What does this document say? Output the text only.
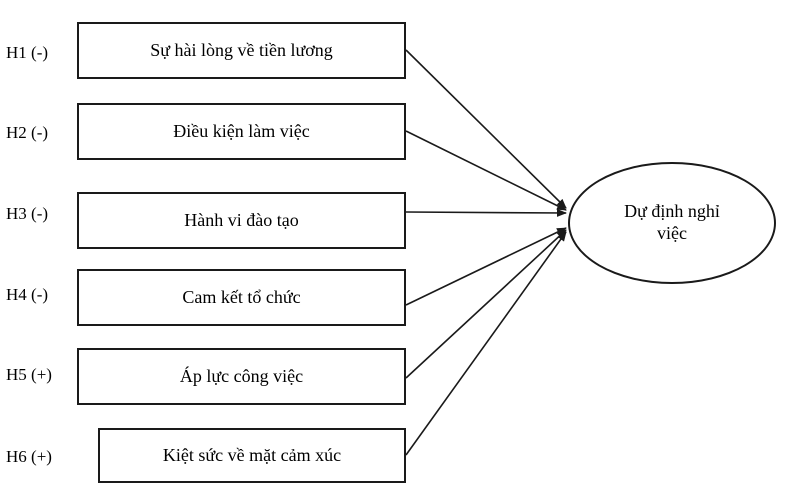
H1 (-)
H2 (-)
H3 (-)
H4 (-)
H5 (+)
H6 (+)
Sự hài lòng về tiền lương
Điều kiện làm việc
Hành vi đào tạo
Cam kết tổ chức
Áp lực công việc
Kiệt sức về mặt cảm xúc
Dự định nghỉ
việc
